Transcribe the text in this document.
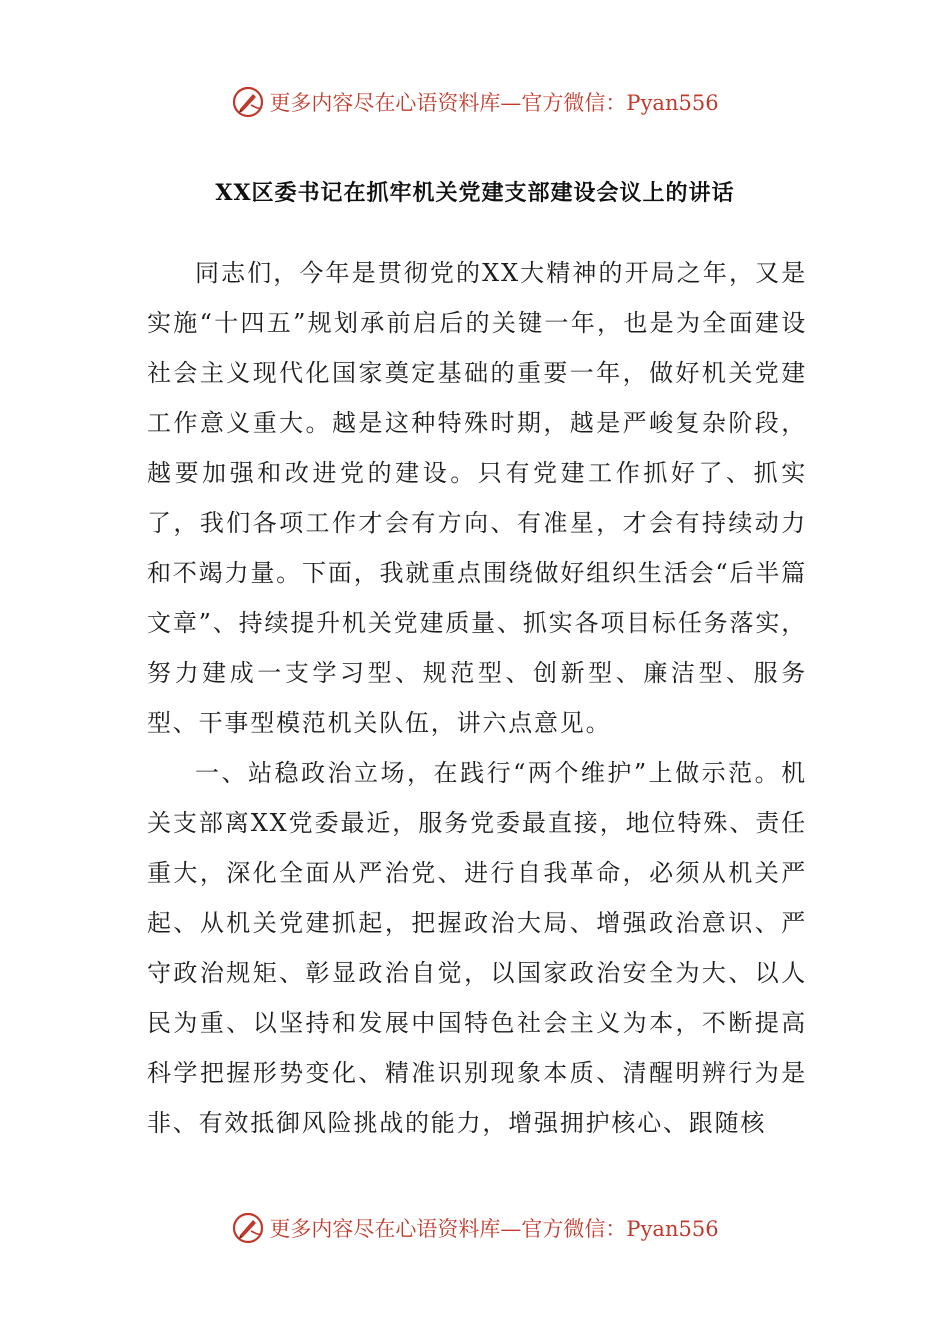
更多内容尽在心语资料库—官方微信：Pyan556
XX区委书记在抓牢机关党建支部建设会议上的讲话

同志们，今年是贯彻党的XX大精神的开局之年，又是实施“十四五”规划承前启后的关键一年，也是为全面建设社会主义现代化国家奠定基础的重要一年，做好机关党建工作意义重大。越是这种特殊时期，越是严峻复杂阶段，越要加强和改进党的建设。只有党建工作抓好了、抓实了，我们各项工作才会有方向、有准星，才会有持续动力和不竭力量。下面，我就重点围绕做好组织生活会“后半篇文章”、持续提升机关党建质量、抓实各项目标任务落实，努力建成一支学习型、规范型、创新型、廉洁型、服务型、干事型模范机关队伍，讲六点意见。

一、站稳政治立场，在践行“两个维护”上做示范。机关支部离XX党委最近，服务党委最直接，地位特殊、责任重大，深化全面从严治党、进行自我革命，必须从机关严起、从机关党建抓起，把握政治大局、增强政治意识、严守政治规矩、彰显政治自觉，以国家政治安全为大、以人民为重、以坚持和发展中国特色社会主义为本，不断提高科学把握形势变化、精准识别现象本质、清醒明辨行为是非、有效抵御风险挑战的能力，增强拥护核心、跟随核

更多内容尽在心语资料库—官方微信：Pyan556
